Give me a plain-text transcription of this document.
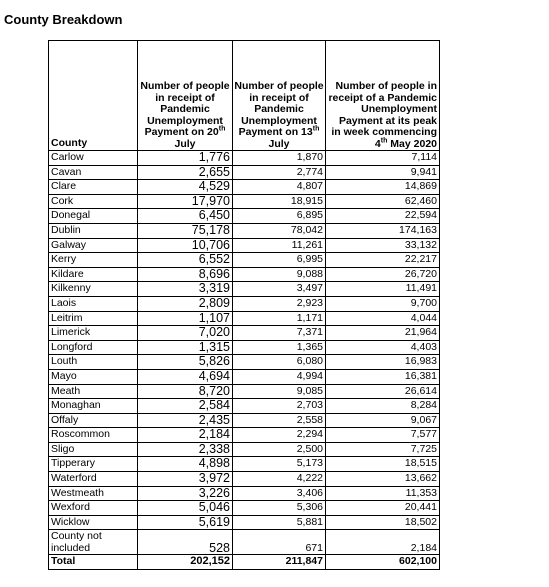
County Breakdown
County	Number of people in receipt of Pandemic Unemployment Payment on 20th July	Number of people in receipt of Pandemic Unemployment Payment on 13th July	Number of people in receipt of a Pandemic Unemployment Payment at its peak in week commencing 4th May 2020
Carlow	1,776	1,870	7,114
Cavan	2,655	2,774	9,941
Clare	4,529	4,807	14,869
Cork	17,970	18,915	62,460
Donegal	6,450	6,895	22,594
Dublin	75,178	78,042	174,163
Galway	10,706	11,261	33,132
Kerry	6,552	6,995	22,217
Kildare	8,696	9,088	26,720
Kilkenny	3,319	3,497	11,491
Laois	2,809	2,923	9,700
Leitrim	1,107	1,171	4,044
Limerick	7,020	7,371	21,964
Longford	1,315	1,365	4,403
Louth	5,826	6,080	16,983
Mayo	4,694	4,994	16,381
Meath	8,720	9,085	26,614
Monaghan	2,584	2,703	8,284
Offaly	2,435	2,558	9,067
Roscommon	2,184	2,294	7,577
Sligo	2,338	2,500	7,725
Tipperary	4,898	5,173	18,515
Waterford	3,972	4,222	13,662
Westmeath	3,226	3,406	11,353
Wexford	5,046	5,306	20,441
Wicklow	5,619	5,881	18,502
County not included	528	671	2,184
Total	202,152	211,847	602,100
